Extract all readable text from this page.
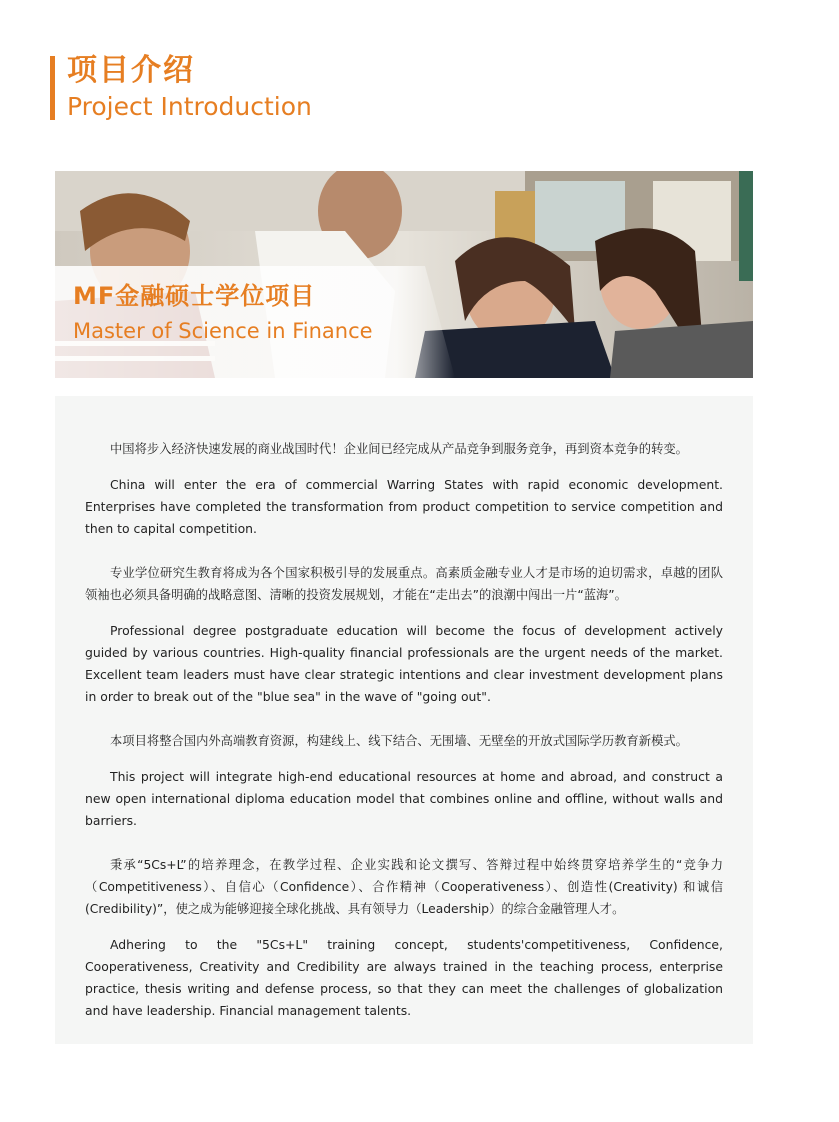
项目介绍
Project Introduction
MF金融硕士学位项目
Master of Science in Finance

中国将步入经济快速发展的商业战国时代！企业间已经完成从产品竞争到服务竞争，再到资本竞争的转变。

China will enter the era of commercial Warring States with rapid economic development. Enterprises have completed the transformation from product competition to service competition and then to capital competition.

专业学位研究生教育将成为各个国家积极引导的发展重点。高素质金融专业人才是市场的迫切需求，卓越的团队领袖也必须具备明确的战略意图、清晰的投资发展规划，才能在“走出去”的浪潮中闯出一片“蓝海”。

Professional degree postgraduate education will become the focus of development actively guided by various countries. High-quality financial professionals are the urgent needs of the market. Excellent team leaders must have clear strategic intentions and clear investment development plans in order to break out of the "blue sea" in the wave of "going out".

本项目将整合国内外高端教育资源，构建线上、线下结合、无围墙、无壁垒的开放式国际学历教育新模式。

This project will integrate high-end educational resources at home and abroad, and construct a new open international diploma education model that combines online and offline, without walls and barriers.

秉承“5Cs+L”的培养理念，在教学过程、企业实践和论文撰写、答辩过程中始终贯穿培养学生的“竞争力（Competitiveness）、自信心（Confidence）、合作精神（Cooperativeness）、创造性(Creativity) 和诚信(Credibility)”，使之成为能够迎接全球化挑战、具有领导力（Leadership）的综合金融管理人才。

Adhering to the "5Cs+L" training concept, students'competitiveness, Confidence, Cooperativeness, Creativity and Credibility are always trained in the teaching process, enterprise practice, thesis writing and defense process, so that they can meet the challenges of globalization and have leadership. Financial management talents.
